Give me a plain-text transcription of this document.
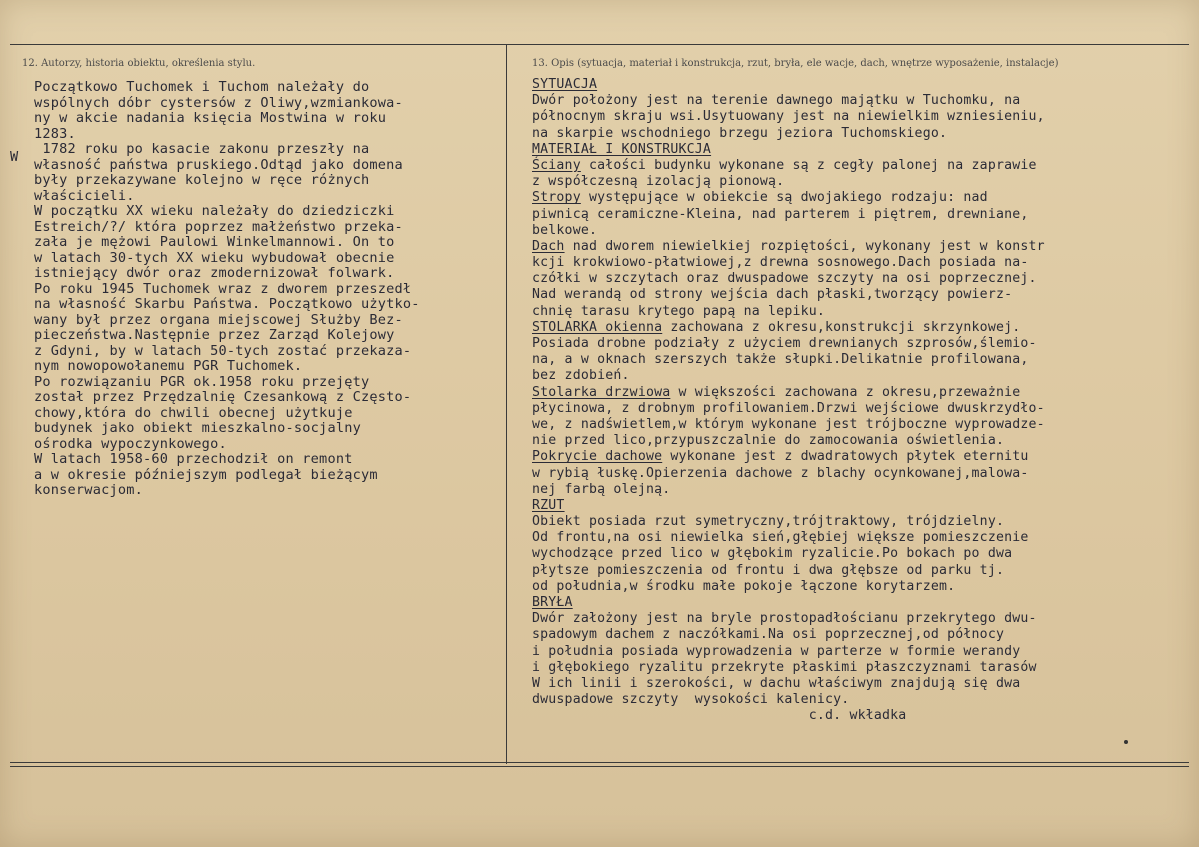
12. Autorzy, historia obiektu, określenia stylu.	13. Opis (sytuacja, materiał i konstrukcja, rzut, bryła, ele wacje, dach, wnętrze wyposażenie, instalacje)
W
Początkowo Tuchomek i Tuchom należały do
wspólnych dóbr cystersów z Oliwy,wzmiankowa-
ny w akcie nadania księcia Mostwina w roku
1283.
1782 roku po kasacie zakonu przeszły na
własność państwa pruskiego.Odtąd jako domena
były przekazywane kolejno w ręce różnych
właścicieli.
W początku XX wieku należały do dziedziczki
Estreich/?/ która poprzez małżeństwo przeka-
zała je mężowi Paulowi Winkelmannowi. On to
w latach 30-tych XX wieku wybudował obecnie
istniejący dwór oraz zmodernizował folwark.
Po roku 1945 Tuchomek wraz z dworem przeszedł
na własność Skarbu Państwa. Początkowo użytko-
wany był przez organa miejscowej Służby Bez-
pieczeństwa.Następnie przez Zarząd Kolejowy
z Gdyni, by w latach 50-tych zostać przekaza-
nym nowopowołanemu PGR Tuchomek.
Po rozwiązaniu PGR ok.1958 roku przejęty
został przez Przędzalnię Czesankową z Często-
chowy,która do chwili obecnej użytkuje
budynek jako obiekt mieszkalno-socjalny
ośrodka wypoczynkowego.
W latach 1958-60 przechodził on remont
a w okresie późniejszym podlegał bieżącym
konserwacjom.
SYTUACJA
Dwór położony jest na terenie dawnego majątku w Tuchomku, na
północnym skraju wsi.Usytuowany jest na niewielkim wzniesieniu,
na skarpie wschodniego brzegu jeziora Tuchomskiego.
MATERIAŁ I KONSTRUKCJA
Ściany całości budynku wykonane są z cegły palonej na zaprawie
z współczesną izolacją pionową.
Stropy występujące w obiekcie są dwojakiego rodzaju: nad
piwnicą ceramiczne-Kleina, nad parterem i piętrem, drewniane,
belkowe.
Dach nad dworem niewielkiej rozpiętości, wykonany jest w konstr
kcji krokwiowo-płatwiowej,z drewna sosnowego.Dach posiada na-
czółki w szczytach oraz dwuspadowe szczyty na osi poprzecznej.
Nad werandą od strony wejścia dach płaski,tworzący powierz-
chnię tarasu krytego papą na lepiku.
STOLARKA okienna zachowana z okresu,konstrukcji skrzynkowej.
Posiada drobne podziały z użyciem drewnianych szprosów,ślemio-
na, a w oknach szerszych także słupki.Delikatnie profilowana,
bez zdobień.
Stolarka drzwiowa w większości zachowana z okresu,przeważnie
płycinowa, z drobnym profilowaniem.Drzwi wejściowe dwuskrzydło-
we, z nadświetlem,w którym wykonane jest trójboczne wyprowadze-
nie przed lico,przypuszczalnie do zamocowania oświetlenia.
Pokrycie dachowe wykonane jest z dwadratowych płytek eternitu
w rybią łuskę.Opierzenia dachowe z blachy ocynkowanej,malowa-
nej farbą olejną.
RZUT
Obiekt posiada rzut symetryczny,trójtraktowy, trójdzielny.
Od frontu,na osi niewielka sień,głębiej większe pomieszczenie
wychodzące przed lico w głębokim ryzalicie.Po bokach po dwa
płytsze pomieszczenia od frontu i dwa głębsze od parku tj.
od południa,w środku małe pokoje łączone korytarzem.
BRYŁA
Dwór założony jest na bryle prostopadłościanu przekrytego dwu-
spadowym dachem z naczółkami.Na osi poprzecznej,od północy
i południa posiada wyprowadzenia w parterze w formie werandy
i głębokiego ryzalitu przekryte płaskimi płaszczyznami tarasów
W ich linii i szerokości, w dachu właściwym znajdują się dwa
dwuspadowe szczyty  wysokości kalenicy.
c.d. wkładka
